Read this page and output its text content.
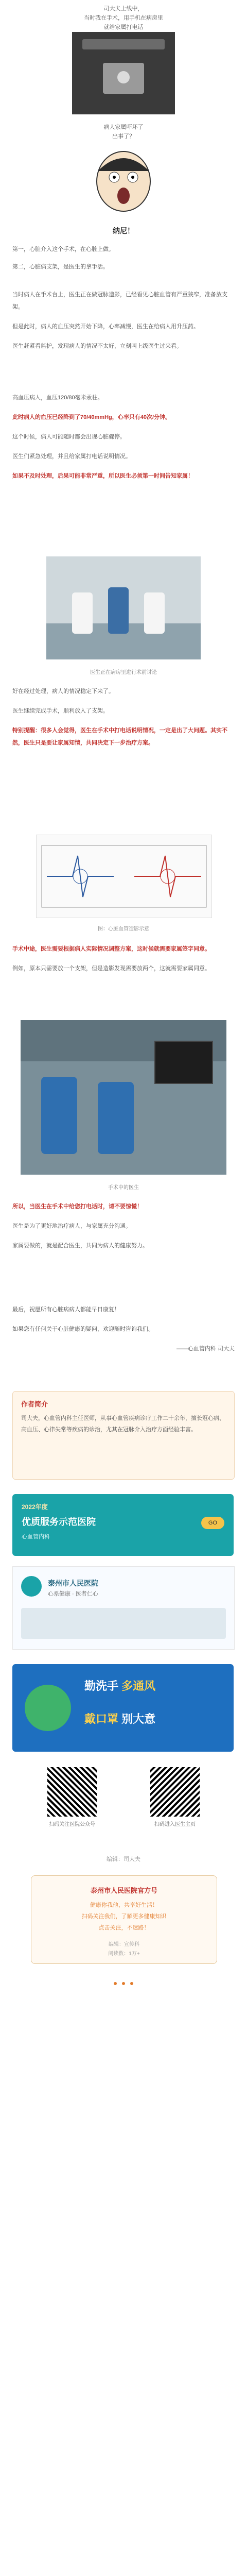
司大夫上线中，
当时我在手术，用手机在病房里
就给家属打电话
病人家属吓坏了
出事了？
纳尼！

第一，心脏介入这个手术，在心脏上做。

第二，心脏病支架，是医生的拿手活。

当时病人在手术台上，医生正在做冠脉造影，已经看见心脏血管有严重狭窄，准备放支架。

但是此时，病人的血压突然开始下降，心率减慢，医生在给病人用升压药。

医生赶紧看监护，发现病人的情况不太好，立刻叫上级医生过来看。

高血压病人，血压120/80毫米汞柱。

此时病人的血压已经降到了70/40mmHg，心率只有40次/分钟。

这个时候，病人可能随时都会出现心脏骤停。

医生们紧急处理，并且给家属打电话说明情况。

如果不及时处理，后果可能非常严重，所以医生必须第一时间告知家属！

医生正在病房里进行术前讨论

好在经过处理，病人的情况稳定下来了。

医生继续完成手术，顺利放入了支架。

特别提醒：很多人会觉得，医生在手术中打电话说明情况，一定是出了大问题。其实不然，医生只是要让家属知情，共同决定下一步治疗方案。

图：心脏血管造影示意

手术中途，医生需要根据病人实际情况调整方案，这时候就需要家属签字同意。

例如，原本只需要放一个支架，但是造影发现需要放两个，这就需要家属同意。

手术中的医生

所以，当医生在手术中给您打电话时，请不要惊慌！

医生是为了更好地治疗病人，与家属充分沟通。

家属要做的，就是配合医生，共同为病人的健康努力。

最后，祝愿所有心脏病病人都能早日康复！

如果您有任何关于心脏健康的疑问，欢迎随时咨询我们。

——心血管内科 司大夫

作者简介
司大夫，心血管内科主任医师，从事心血管疾病诊疗工作二十余年，擅长冠心病、高血压、心律失常等疾病的诊治，尤其在冠脉介入治疗方面经验丰富。
2022年度
优质服务示范医院
心血管内科
GO
泰州市人民医院
心系健康 · 医者仁心
勤洗手 多通风
戴口罩 别大意
扫码关注医院公众号	扫码进入医生主页
编辑：司大夫
泰州市人民医院官方号
健康你我他，共享好生活！
扫码关注我们，了解更多健康知识
点击关注，不迷路！
编辑：宣传科
阅读数：1万+
